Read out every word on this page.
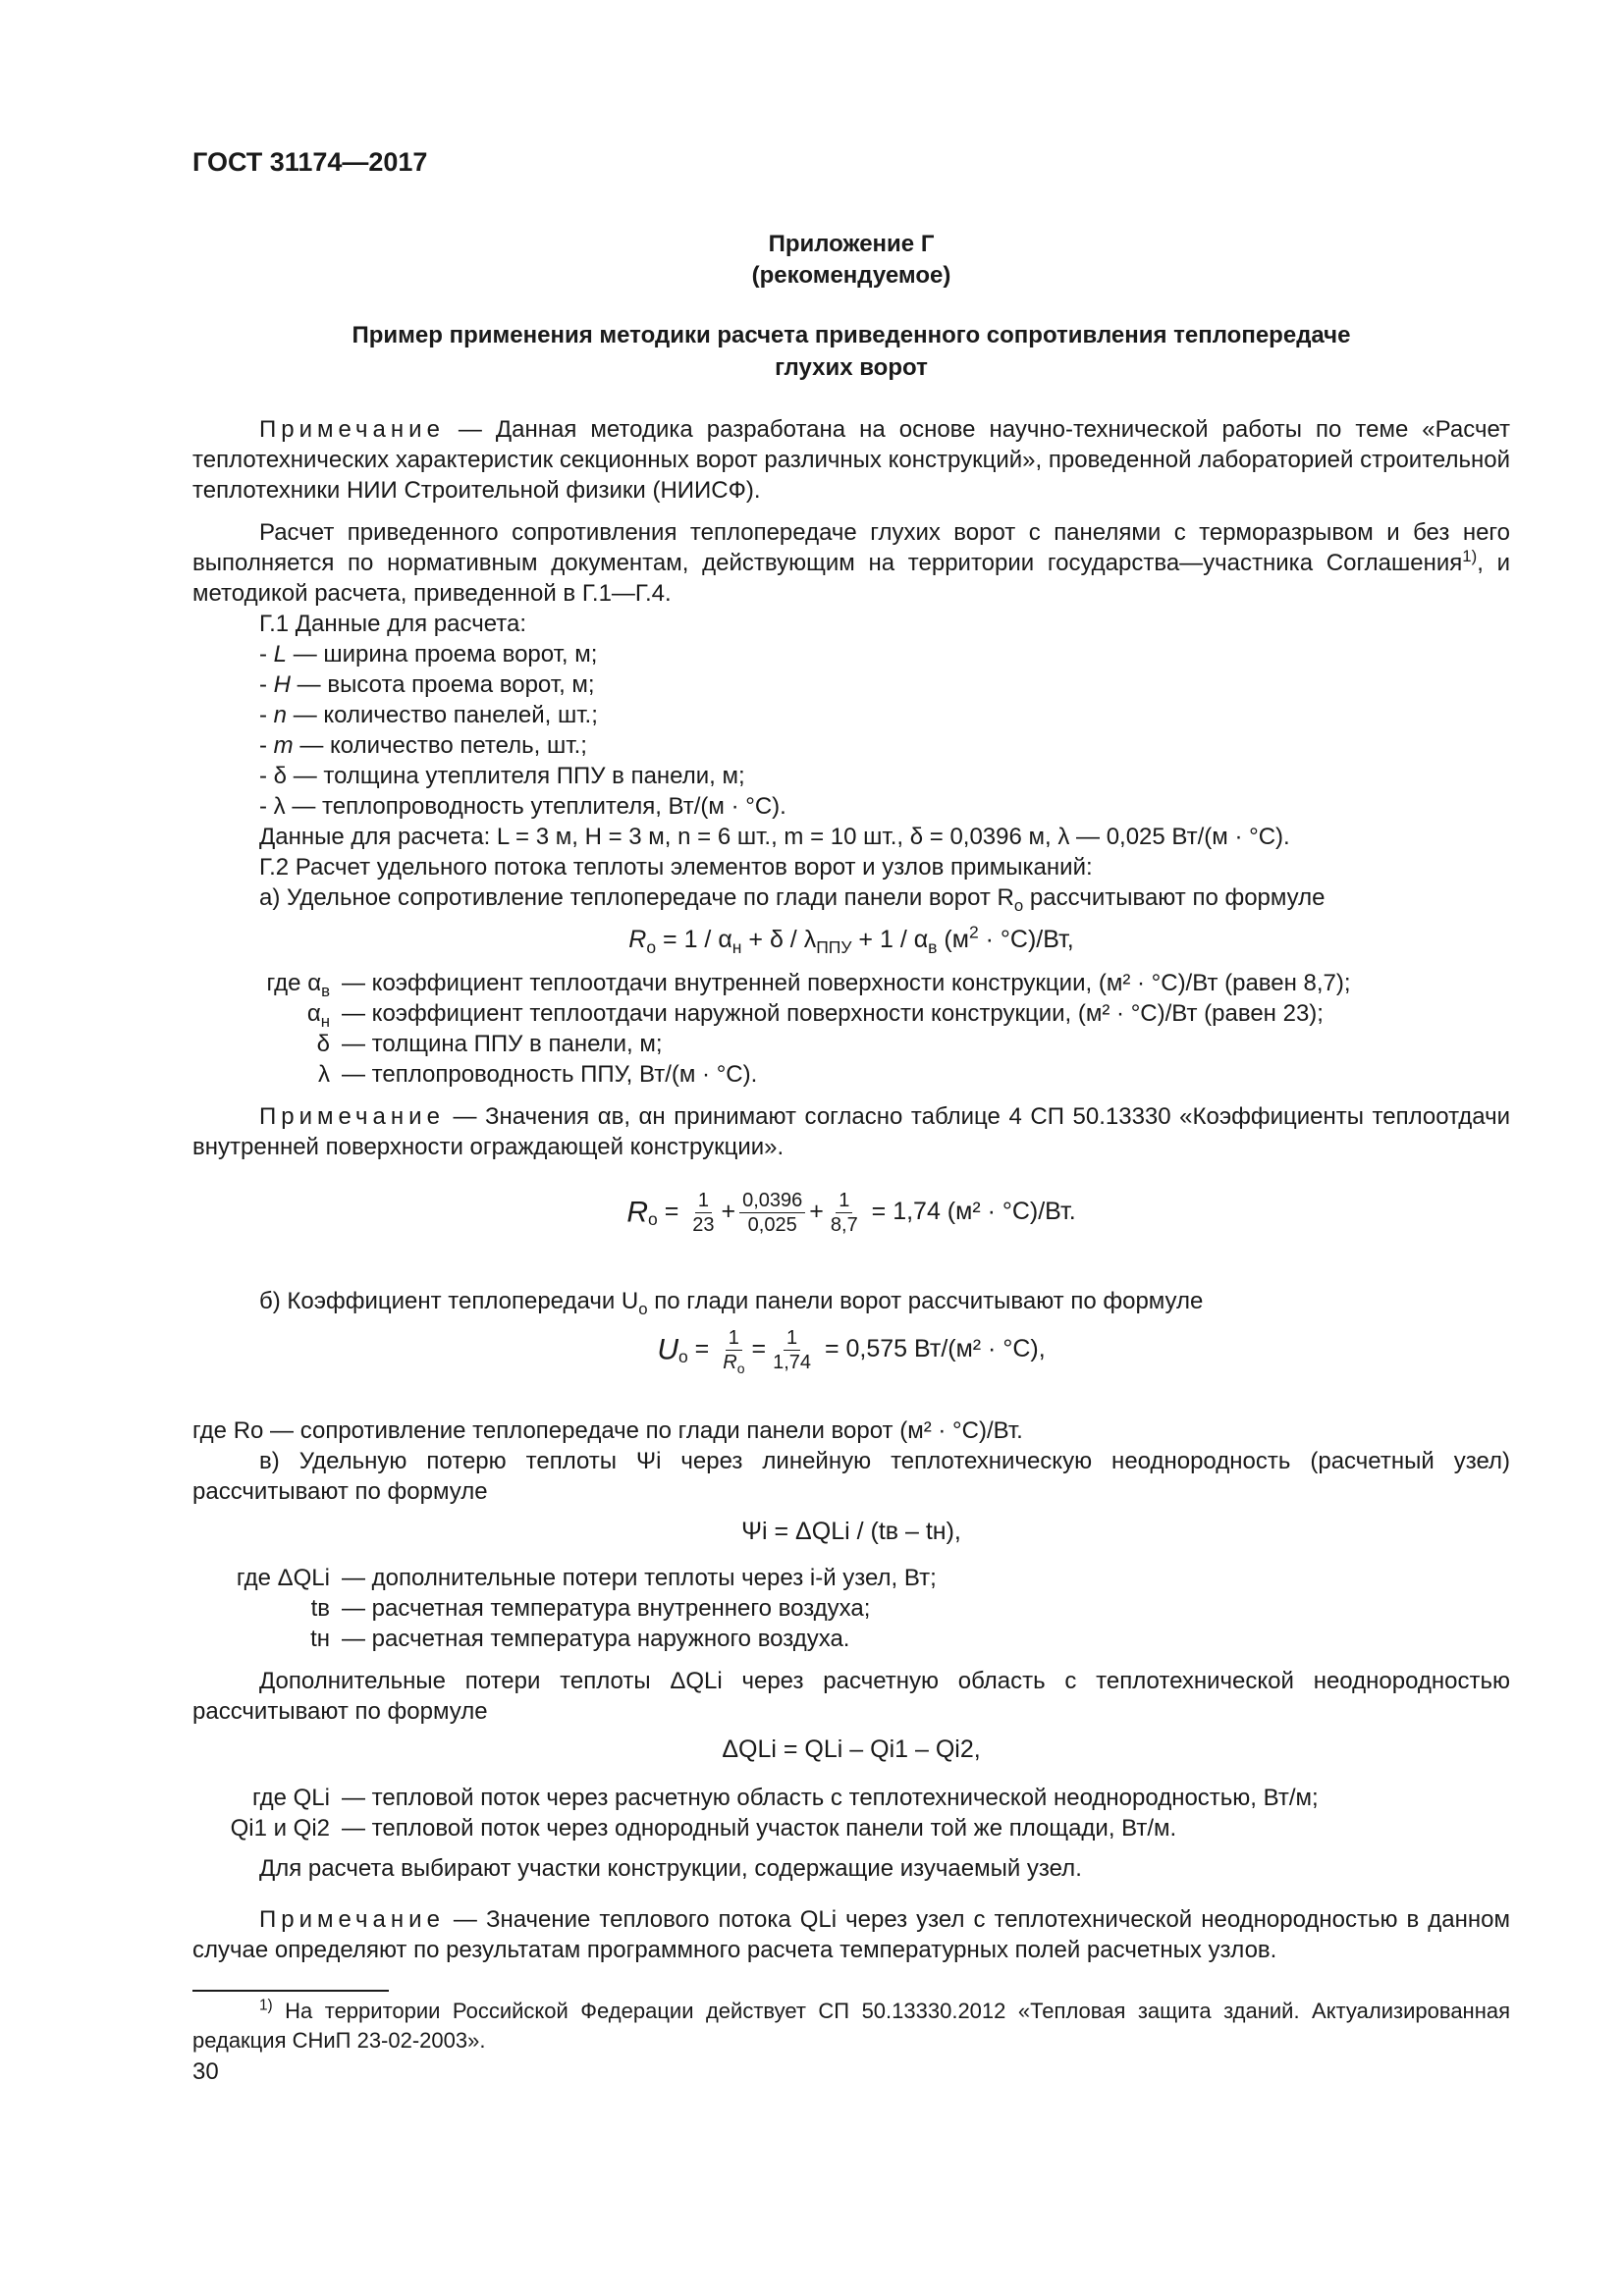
ГОСТ 31174—2017
Приложение Г
(рекомендуемое)
Пример применения методики расчета приведенного сопротивления теплопередаче
глухих ворот
Примечание — Данная методика разработана на основе научно-технической работы по теме «Расчет теплотехнических характеристик секционных ворот различных конструкций», проведенной лабораторией строительной теплотехники НИИ Строительной физики (НИИСФ).
Расчет приведенного сопротивления теплопередаче глухих ворот с панелями с терморазрывом и без него выполняется по нормативным документам, действующим на территории государства—участника Соглашения$^{1)}$, и методикой расчета, приведенной в Г.1—Г.4.
Г.1 Данные для расчета:
- L — ширина проема ворот, м;
- H — высота проема ворот, м;
- n — количество панелей, шт.;
- m — количество петель, шт.;
- δ — толщина утеплителя ППУ в панели, м;
- λ — теплопроводность утеплителя, Вт/(м · °С).
Данные для расчета: L = 3 м, H = 3 м, n = 6 шт., m = 10 шт., δ = 0,0396 м, λ — 0,025 Вт/(м · °С).
Г.2 Расчет удельного потока теплоты элементов ворот и узлов примыканий:
а) Удельное сопротивление теплопередаче по глади панели ворот $R_о$ рассчитывают по формуле
$R_о = 1 / \alpha_н + \delta / \lambda_{ППУ} + 1 / \alpha_в$ $(м^2 \cdot ^\circ С)/Вт$,
где $\alpha_в$ — коэффициент теплоотдачи внутренней поверхности конструкции, (м² · °С)/Вт (равен 8,7);
$\alpha_н$ — коэффициент теплоотдачи наружной поверхности конструкции, (м² · °С)/Вт (равен 23);
δ — толщина ППУ в панели, м;
λ — теплопроводность ППУ, Вт/(м · °С).
Примечание — Значения αв, αн принимают согласно таблице 4 СП 50.13330 «Коэффициенты теплоотдачи внутренней поверхности ограждающей конструкции».
$R_о = \frac{1}{23} + \frac{0,0396}{0,025} + \frac{1}{8,7} = 1,74$ (м² · °С)/Вт.
б) Коэффициент теплопередачи $U_о$ по глади панели ворот рассчитывают по формуле
$U_о = \frac{1}{R_о} = \frac{1}{1,74} = 0,575$ Вт/(м² · °С),
где Rо — сопротивление теплопередаче по глади панели ворот (м² · °С)/Вт.
в) Удельную потерю теплоты Ψi через линейную теплотехническую неоднородность (расчетный узел) рассчитывают по формуле
Ψi = ΔQLi / (tв – tн),
где ΔQLi — дополнительные потери теплоты через i-й узел, Вт;
tв — расчетная температура внутреннего воздуха;
tн — расчетная температура наружного воздуха.
Дополнительные потери теплоты ΔQLi через расчетную область с теплотехнической неоднородностью рассчитывают по формуле
ΔQLi = QLi – Qi1 – Qi2,
где QLi — тепловой поток через расчетную область с теплотехнической неоднородностью, Вт/м;
Qi1 и Qi2 — тепловой поток через однородный участок панели той же площади, Вт/м.
Для расчета выбирают участки конструкции, содержащие изучаемый узел.
Примечание — Значение теплового потока QLi через узел с теплотехнической неоднородностью в данном случае определяют по результатам программного расчета температурных полей расчетных узлов.
$^{1)}$ На территории Российской Федерации действует СП 50.13330.2012 «Тепловая защита зданий. Актуализированная редакция СНиП 23-02-2003».
30
